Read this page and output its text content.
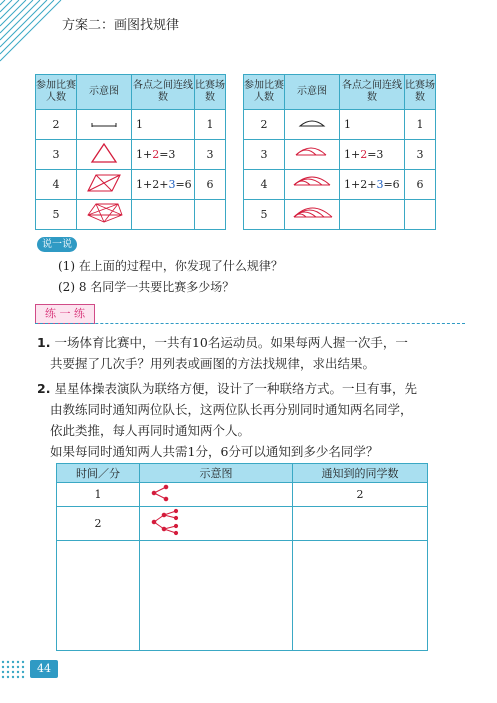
方案二：画图找规律
参加比赛人数	示意图	各点之间连线数	比赛场数
2		1	1
3		1+2=3	3
4		1+2+3=6	6
5			
参加比赛人数	示意图	各点之间连线数	比赛场数
2		1	1
3		1+2=3	3
4		1+2+3=6	6
5			
说一说
(1) 在上面的过程中，你发现了什么规律？
(2) 8 名同学一共要比赛多少场？
练 一 练
1. 一场体育比赛中，一共有10名运动员。如果每两人握一次手，一
共要握了几次手？用列表或画图的方法找规律，求出结果。
2. 星星体操表演队为联络方便，设计了一种联络方式。一旦有事，先
由教练同时通知两位队长，这两位队长再分别同时通知两名同学，
依此类推，每人再同时通知两个人。
如果每同时通知两人共需1分，6分可以通知到多少名同学？
时间／分	示意图	通知到的同学数
1		2
2		

44
